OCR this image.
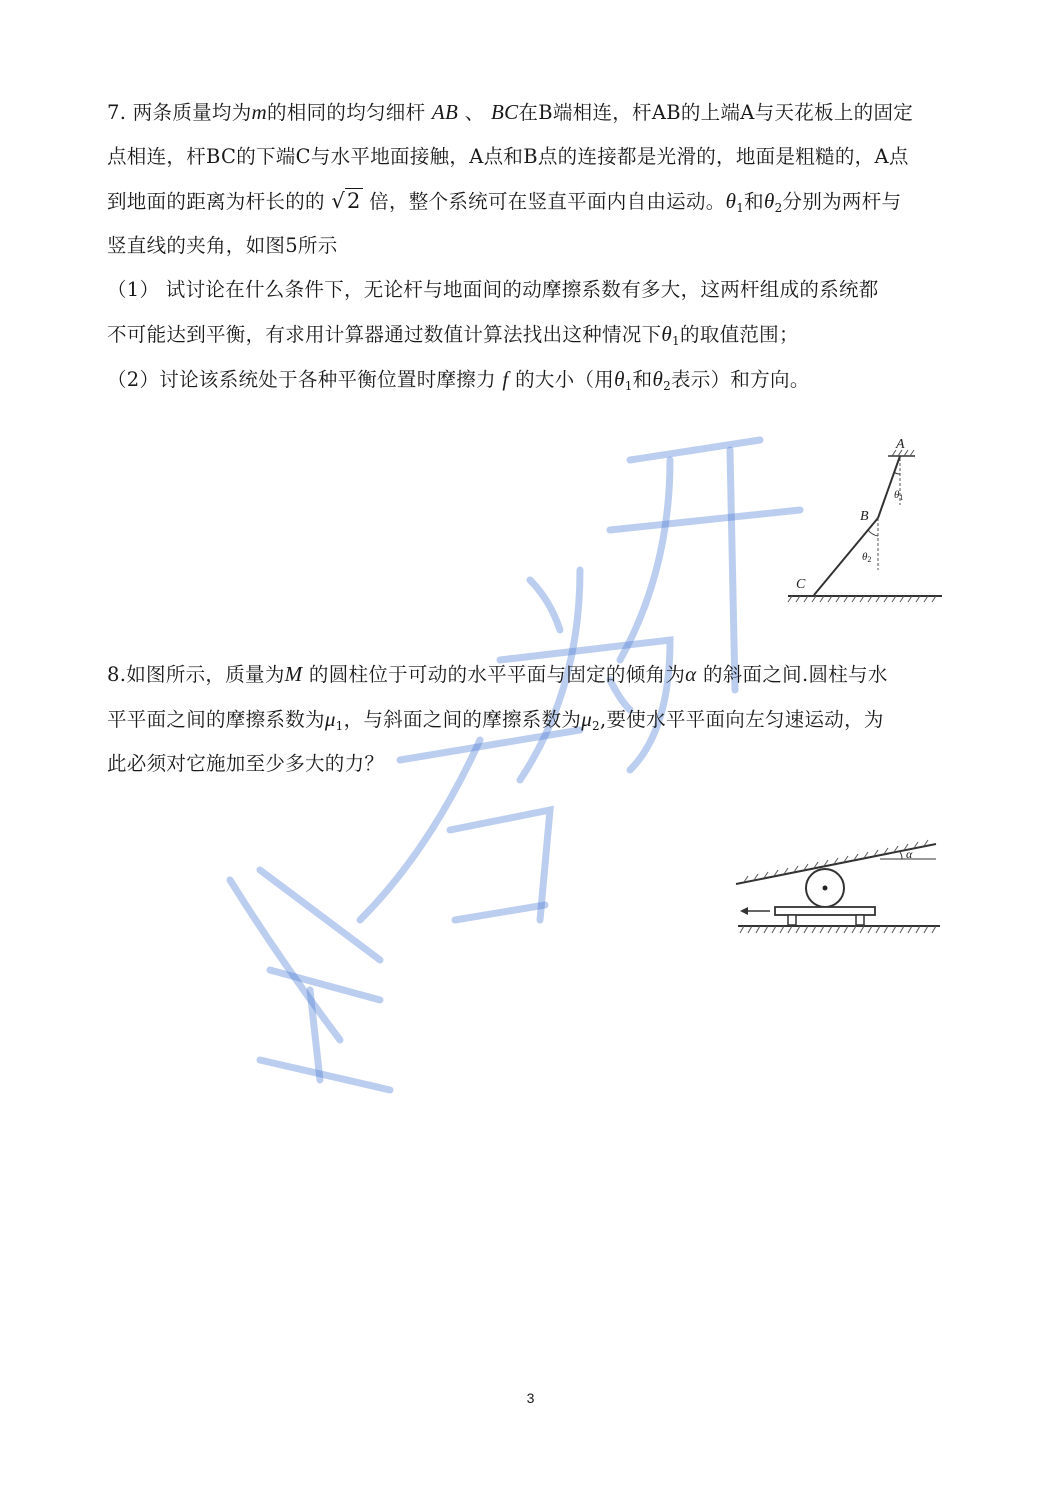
7. 两条质量均为m的相同的均匀细杆 AB 、 BC在B端相连，杆AB的上端A与天花板上的固定

点相连，杆BC的下端C与水平地面接触，A点和B点的连接都是光滑的，地面是粗糙的，A点

到地面的距离为杆长的的 √2 倍，整个系统可在竖直平面内自由运动。$\theta_1$和$\theta_2$分别为两杆与

竖直线的夹角，如图5所示

（1） 试讨论在什么条件下，无论杆与地面间的动摩擦系数有多大，这两杆组成的系统都

不可能达到平衡，有求用计算器通过数值计算法找出这种情况下$\theta_1$的取值范围；

（2）讨论该系统处于各种平衡位置时摩擦力 f 的大小（用$\theta_1$和$\theta_2$表示）和方向。

A
B
C
θ1
θ2

8.如图所示，质量为M 的圆柱位于可动的水平平面与固定的倾角为α 的斜面之间.圆柱与水

平平面之间的摩擦系数为$\mu_1$，与斜面之间的摩擦系数为$\mu_2$,要使水平平面向左匀速运动，为

此必须对它施加至少多大的力？

α
3
